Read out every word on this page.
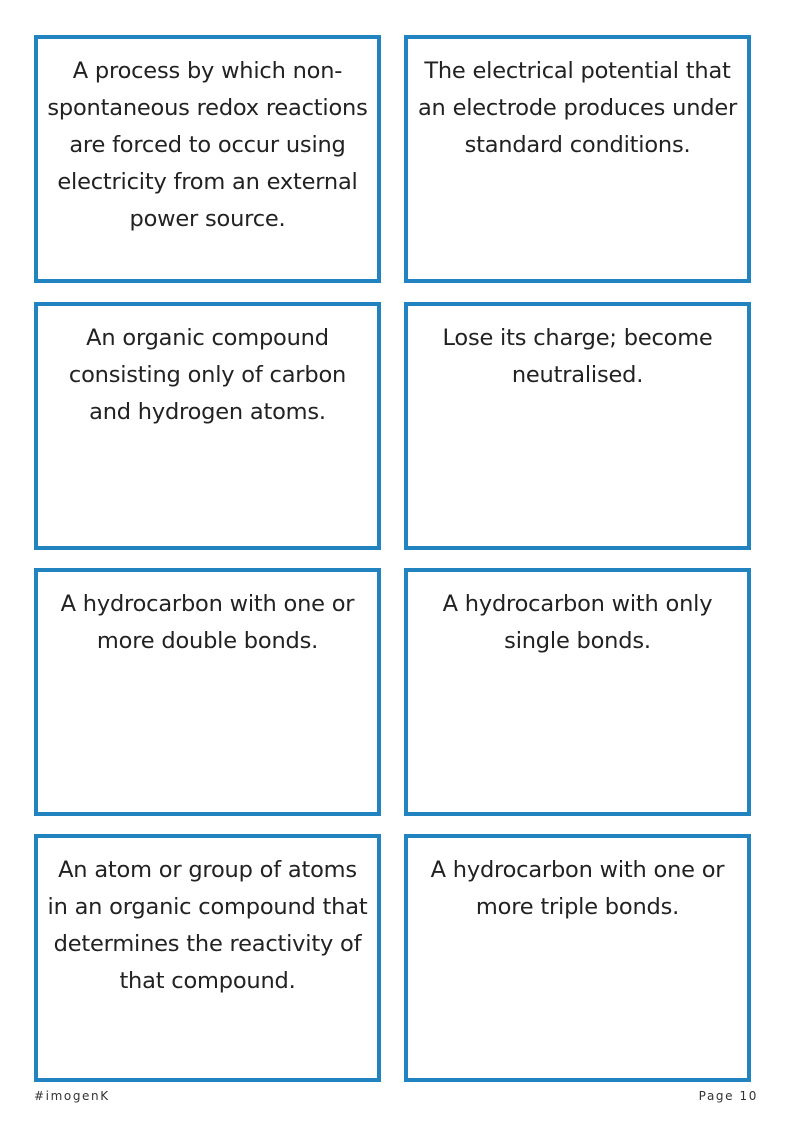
A process by which non-spontaneous redox reactions are forced to occur using electricity from an external power source.
The electrical potential that an electrode produces under standard conditions.
An organic compound consisting only of carbon and hydrogen atoms.
Lose its charge; become neutralised.
A hydrocarbon with one or more double bonds.
A hydrocarbon with only single bonds.
An atom or group of atoms in an organic compound that determines the reactivity of that compound.
A hydrocarbon with one or more triple bonds.
#imogenK	Page 10
